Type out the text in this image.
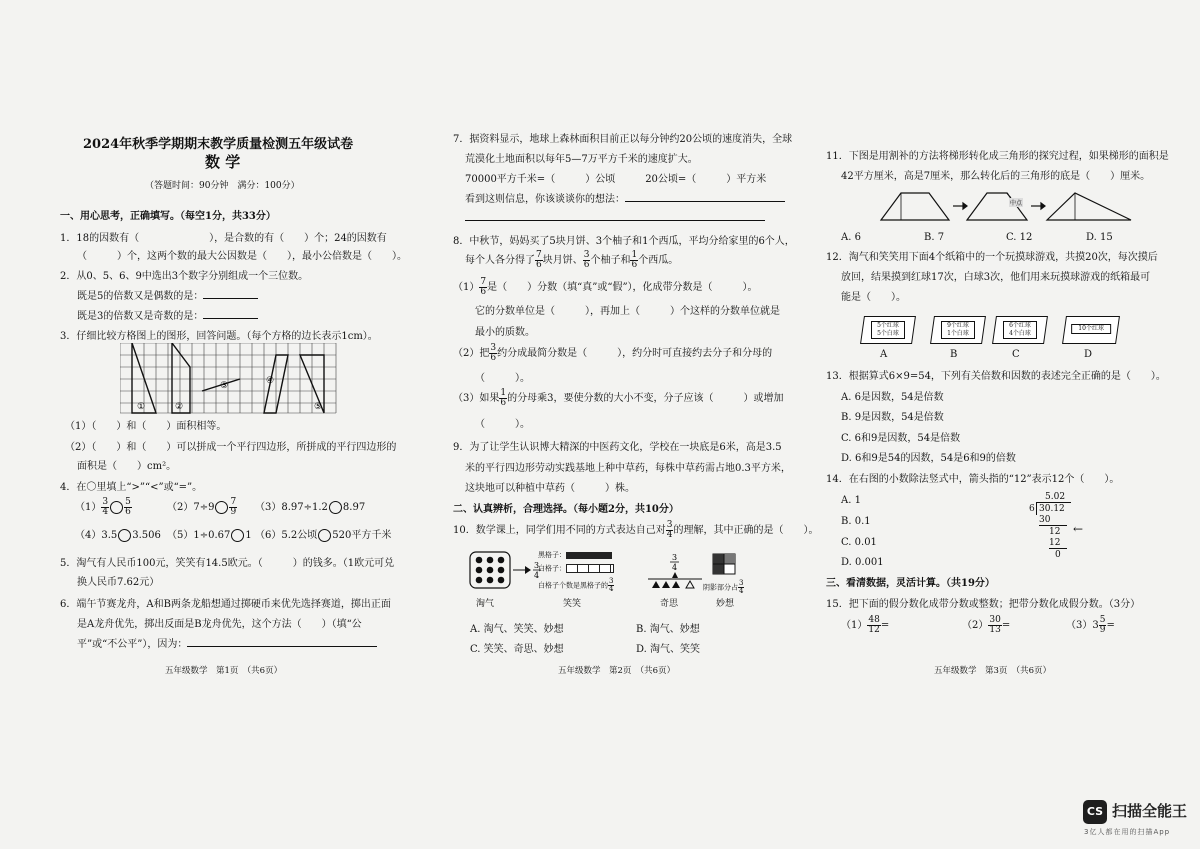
2024年秋季学期期末教学质量检测五年级试卷
数 学
（答题时间：90分钟　满分：100分）
一、用心思考，正确填写。（每空1分，共33分）
1．18的因数有（　　　　　　　），是合数的有（　　）个；24的因数有
（　　　）个，这两个数的最大公因数是（　　），最小公倍数是（　　）。
2．从0、5、6、9中选出3个数字分别组成一个三位数。
既是5的倍数又是偶数的是：
既是3的倍数又是奇数的是：
3．仔细比较方格图上的图形，回答问题。（每个方格的边长表示1cm）。
①	②
③	④
⑤
（1）（　　）和（　　）面积相等。
（2）（　　）和（　　）可以拼成一个平行四边形，所拼成的平行四边形的
面积是（　　）cm²。
4．在〇里填上“>”“<”或“=”。
$(1) \frac{3}{4} \frac{5}{6}$	$(2)7\div 9 \frac{7}{9} (3)8.97\div 1.2$ 8.97
（4）3.5 3.506 （5）1÷0.67 1 （6）5.2公顷 520平方千米
5．淘气有人民币100元，笑笑有14.5欧元。（　　　）的钱多。（1欧元可兑
换人民币7.62元）
6．端午节赛龙舟，A和B两条龙船想通过掷硬币来优先选择赛道，掷出正面
是A龙舟优先，掷出反面是B龙舟优先，这个方法（　　）（填“公
平”或“不公平”），因为：
五年级数学　第1页　（共6页）
7．据资料显示，地球上森林面积目前正以每分钟约20公顷的速度消失，全球
荒漠化土地面积以每年5—7万平方千米的速度扩大。
70000平方千米=（　　　）公顷　　　20公顷=（　　　）平方米
看到这则信息，你该谈谈你的想法：
8．中秋节，妈妈买了5块月饼、3个柚子和1个西瓜，平均分给家里的6个人，
每个人各分得了 $\frac{7}{6}$ 块月饼、 $\frac{3}{6}$ 个柚子和 $\frac{1}{6}$ 个西瓜。
$(1) \frac{7}{6}$ 是（　　）分数（填“真”或“假”），化成带分数是（　　　）。
它的分数单位是（　　　），再加上（　　　）个这样的分数单位就是
最小的质数。
（2）把 $\frac{3}{6}$ 约分成最简分数是（　　　），约分时可直接约去分子和分母的
（　　　）。
（3）如果 $\frac{1}{6}$ 的分母乘3，要使分数的大小不变，分子应该（　　　）或增加
（　　　）。
9．为了让学生认识博大精深的中医药文化，学校在一块底是6米，高是3.5
米的平行四边形劳动实践基地上种中草药，每株中草药需占地0.3平方米，
这块地可以种植中草药（　　　）株。
二、认真辨析，合理选择。（每小题2分，共10分）
10．数学课上，同学们用不同的方式表达自己对 $\frac{3}{4}$ 的理解，其中正确的是（　　）。
3
4
淘气
黑格子：
白格子：
白格子个数是黑格子的 $\frac{3}{4}$
笑笑
3
4
奇思
阴影部分占 $\frac{3}{4}$
妙想
A. 淘气、笑笑、妙想	B. 淘气、妙想
C. 笑笑、奇思、妙想	D. 淘气、笑笑
五年级数学　第2页　（共6页）
11．下图是用割补的方法将梯形转化成三角形的探究过程，如果梯形的面积是
42平方厘米，高是7厘米，那么转化后的三角形的底是（　　）厘米。
中点
A. 6	B. 7	C. 12	D. 15
12．淘气和笑笑用下面4个纸箱中的一个玩摸球游戏，共摸20次，每次摸后
放回，结果摸到红球17次，白球3次，他们用来玩摸球游戏的纸箱最可
能是（　　）。
5个红球
5个白球
9个红球
1个白球
6个红球
4个白球
10个红球
A	B	C	D
13．根据算式6×9=54，下列有关倍数和因数的表述完全正确的是（　　）。
A. 6是因数，54是倍数
B. 9是因数，54是倍数
C. 6和9是因数，54是倍数
D. 6和9是54的因数，54是6和9的倍数
14．在右图的小数除法竖式中，箭头指的“12”表示12个（　　）。
A. 1
B. 0.1
C. 0.01
D. 0.001
5.02
6 30.12
30
12
12
0
←
三、看清数据，灵活计算。（共19分）
15．把下面的假分数化成带分数或整数；把带分数化成假分数。（3分）
$(1) \frac{48}{12}$ =	$(2) \frac{30}{13}$ =	$(3)3 \frac{5}{9}$ =
五年级数学　第3页　（共6页）
CS 扫描全能王
3亿人都在用的扫描App
